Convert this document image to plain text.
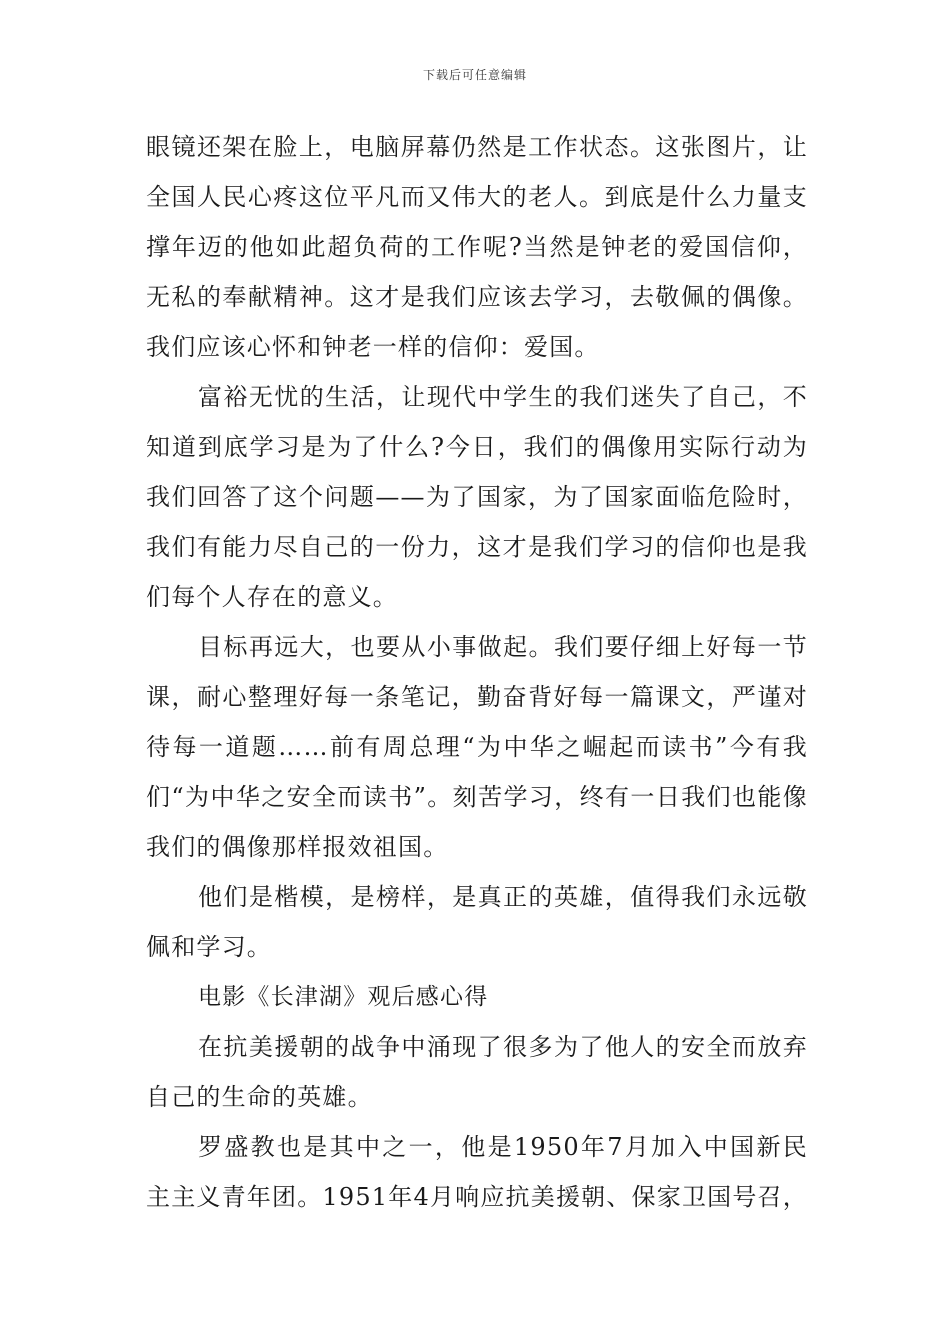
下载后可任意编辑

眼镜还架在脸上，电脑屏幕仍然是工作状态。这张图片，让全国人民心疼这位平凡而又伟大的老人。到底是什么力量支撑年迈的他如此超负荷的工作呢?当然是钟老的爱国信仰，无私的奉献精神。这才是我们应该去学习，去敬佩的偶像。我们应该心怀和钟老一样的信仰：爱国。

富裕无忧的生活，让现代中学生的我们迷失了自己，不知道到底学习是为了什么?今日，我们的偶像用实际行动为我们回答了这个问题——为了国家，为了国家面临危险时，我们有能力尽自己的一份力，这才是我们学习的信仰也是我们每个人存在的意义。

目标再远大，也要从小事做起。我们要仔细上好每一节课，耐心整理好每一条笔记，勤奋背好每一篇课文，严谨对待每一道题……前有周总理“为中华之崛起而读书”今有我们“为中华之安全而读书”。刻苦学习，终有一日我们也能像我们的偶像那样报效祖国。

他们是楷模，是榜样，是真正的英雄，值得我们永远敬佩和学习。

电影《长津湖》观后感心得

在抗美援朝的战争中涌现了很多为了他人的安全而放弃自己的生命的英雄。

罗盛教也是其中之一，他是1950年7月加入中国新民主主义青年团。1951年4月响应抗美援朝、保家卫国号召，
